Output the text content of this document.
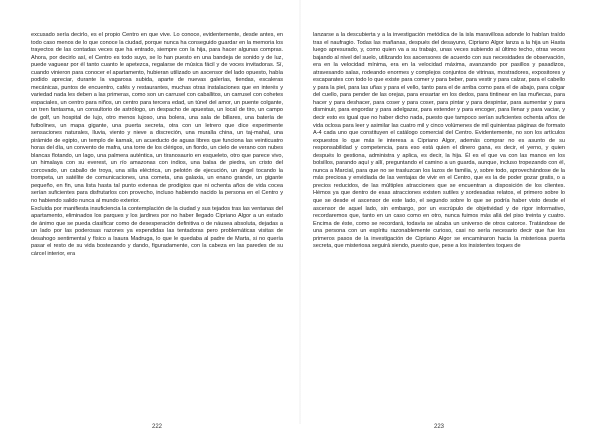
excusado sería decirlo, es el propio Centro en que vive. Lo conoce, evidentemente, desde antes, en todo caso menos de lo que conoce la ciudad, porque nunca ha conseguido guardar en la memoria los trayectos de las contadas veces que ha entrado, siempre con la hija, para hacer algunas compras. Ahora, por decirlo así, el Centro es todo suyo, se lo han puesto en una bandeja de sonido y de luz, puede vaguear por él tanto cuanto le apetezca, regalarse de música fácil y de voces invitadoras. Sí, cuando vinieron para conocer el apartamento, hubieran utilizado un ascensor del lado opuesto, había podido apreciar, durante la vagarosa subida, aparte de nuevas galerías, tiendas, escaleras mecánicas, puntos de encuentro, cafés y restaurantes, muchas otras instalaciones que en interés y variedad nada les deben a las primeras, como son un carrusel con caballitos, un carrusel con cohetes espaciales, un centro para niños, un centro para tercera edad, un túnel del amor, un puente colgante, un tren fantasma, un consultorio de astrólogo, un despacho de apuestas, un local de tiro, un campo de golf, un hospital de lujo, otro menos lujoso, una bolera, una sala de billares, una batería de futbolines, un mapa gigante, una puerta secreta, otra con un letrero que dice experimente sensaciones naturales, lluvia, viento y nieve a discreción, una muralla china, un taj-mahal, una pirámide de egipto, un templo de karnak, un acueducto de aguas libres que funciona las veinticuatro horas del día, un convento de mafra, una torre de los clérigos, un fiordo, un cielo de verano con nubes blancas flotando, un lago, una palmera auténtica, un tiranosaurio en esqueleto, otro que parece vivo, un himalaya con su everest, un río amazonas con indios, una balsa de piedra, un cristo del corcovado, un caballo de troya, una silla eléctrica, un pelotón de ejecución, un ángel tocando la trompeta, un satélite de comunicaciones, una cometa, una galaxia, un enano grande, un gigante pequeño, en fin, una lista hasta tal punto extensa de prodigios que ni ochenta años de vida cocea serían suficientes para disfrutarlos con provecho, incluso habiendo nacido la persona en el Centro y no habiendo salido nunca al mundo exterior.

Excluida por manifiesta insuficiencia la contemplación de la ciudad y sus tejados tras las ventanas del apartamento, eliminados los parques y los jardines por no haber llegado Cipriano Algor a un estado de ánimo que se pueda clasificar como de desesperación definitiva o de náusea absoluta, dejadas a un lado por las poderosas razones ya expendidas las tentadoras pero problemáticas visitas de desahogo sentimental y físico a Isaura Madruga, lo que le quedaba al padre de Marta, si no quería pasar el resto de su vida bostezando y dando, figuradamente, con la cabeza en las paredes de su cárcel interior, era

222

lanzarse a la descubierta y a la investigación metódica de la isla maravillosa adonde lo habían traído tras el naufragio. Todas las mañanas, después del desayuno, Cipriano Algor lanza a la hija un Hasta luego apresurado, y, como quien va a su trabajo, unas veces subiendo al último techo, otras veces bajando al nivel del suelo, utilizando los ascensores de acuerdo con sus necesidades de observación, era en la velocidad mínima, era en la velocidad máxima, avanzando por pasillos y pasadizos, atravesando salas, rodeando enormes y complejos conjuntos de vitrinas, mostradores, expositores y escaparates con todo lo que existe para comer y para beber, para vestir y para calzar, para el cabello y para la piel, para las uñas y para el vello, tanto para el de arriba como para el de abajo, para colgar del cuello, para pender de las orejas, para ensartar en los dedos, para tintinear en las muñecas, para hacer y para deshacer, para coser y para coser, para pintar y para despintar, para aumentar y para disminuir, para engordar y para adelgazar, para extender y para encoger, para llenar y para vaciar, y decir esto es igual que no haber dicho nada, puesto que tampoco serían suficientes ochenta años de vida oclosa para leer y asimilar las cuatro mil y cinco volúmenes de mil quinientas páginas de formato A-4 cada uno que constituyen el catálogo comercial del Centro. Evidentemente, no son los artículos expuestos lo que más le interesa a Cipriano Algor, además comprar no es asunto de su responsabilidad y competencia, para eso está quien el dinero gana, es decir, el yerno, y quien después lo gestiona, administra y aplica, es decir, la hija. Él es el que va con las manos en los bolsillos, parando aquí y allí, preguntando el camino a un guarda, aunque, incluso tropezando con él, nunca a Marcial, para que no se trasluzcan los lazos de familia, y, sobre todo, aprovechándose de la más preciosa y envidiada de las ventajas de vivir en el Centro, que es la de poder gozar gratis, o a precios reducidos, de las múltiples atracciones que se encuentran a disposición de los clientes. Hémos ya que dentro de esas atracciones existen sutiles y sordesadas relatos, el primero sobre lo que se desde el ascensor de este lado, el segundo sobre lo que se podría haber visto desde el ascensor de aquel lado, sin embargo, por un escrúpulo de objetividad y de rigor informativo, recordaremos que, tanto en un caso como en otro, nunca fuimos más allá del piso treinta y cuatro. Encima de éste, como se recordará, todavía se alzaba un universo de otros catorce. Tratándose de una persona con un espíritu razonablemente curioso, casi no sería necesario decir que fue los primeros pasos de la investigación de Cipriano Algor se encaminaron hacia la misteriosa puerta secreta, que misteriosa seguirá siendo, puesto que, pese a los insistentes toques de

223
